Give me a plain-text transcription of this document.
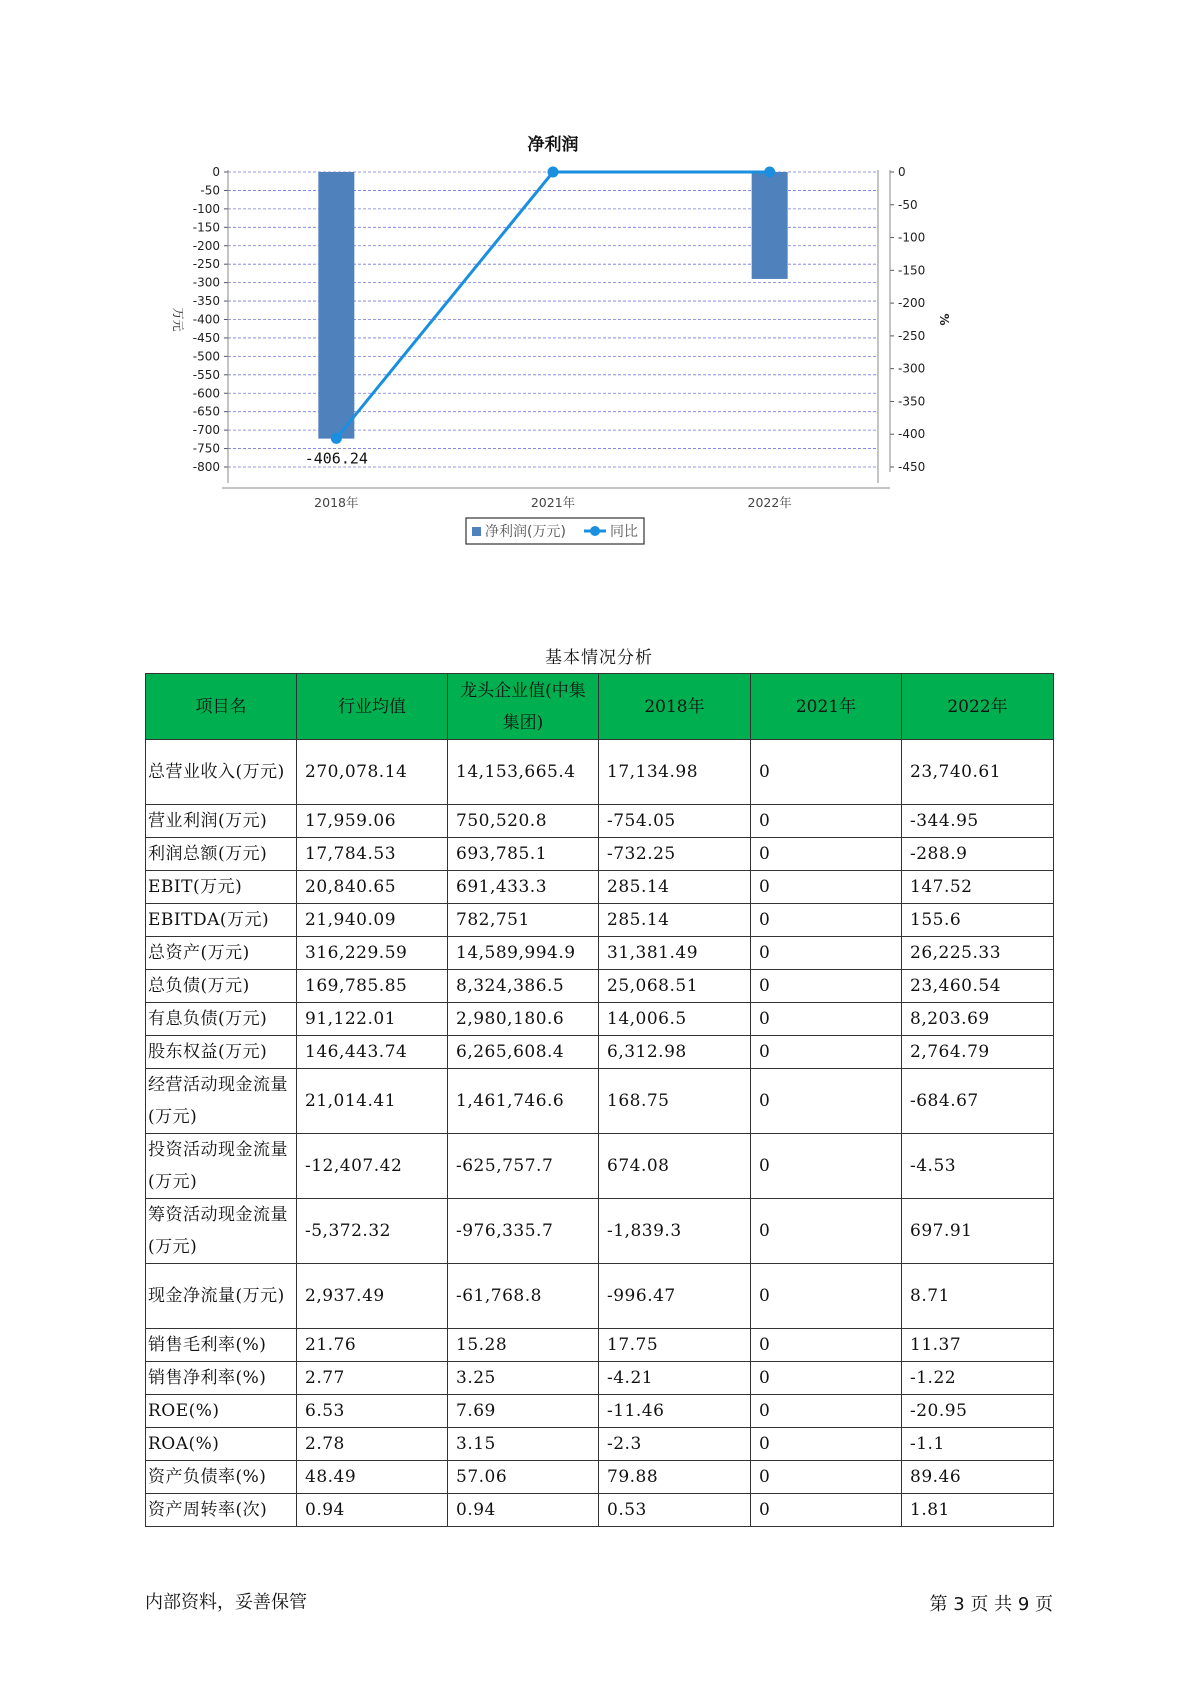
净利润
0
-50
-100
-150
-200
-250
-300
-350
-400
-450
-500
-550
-600
-650
-700
-750
-800
0
-50
-100
-150
-200
-250
-300
-350
-400
-450
万元	%
-406.24
2018年	2021年	2022年
净利润(万元)	同比
基本情况分析
项目名	行业均值	龙头企业值(中集集团)	2018年	2021年	2022年
总营业收入(万元)	270,078.14	14,153,665.4	17,134.98	0	23,740.61
营业利润(万元)	17,959.06	750,520.8	-754.05	0	-344.95
利润总额(万元)	17,784.53	693,785.1	-732.25	0	-288.9
EBIT(万元)	20,840.65	691,433.3	285.14	0	147.52
EBITDA(万元)	21,940.09	782,751	285.14	0	155.6
总资产(万元)	316,229.59	14,589,994.9	31,381.49	0	26,225.33
总负债(万元)	169,785.85	8,324,386.5	25,068.51	0	23,460.54
有息负债(万元)	91,122.01	2,980,180.6	14,006.5	0	8,203.69
股东权益(万元)	146,443.74	6,265,608.4	6,312.98	0	2,764.79
经营活动现金流量(万元)	21,014.41	1,461,746.6	168.75	0	-684.67
投资活动现金流量(万元)	-12,407.42	-625,757.7	674.08	0	-4.53
筹资活动现金流量(万元)	-5,372.32	-976,335.7	-1,839.3	0	697.91
现金净流量(万元)	2,937.49	-61,768.8	-996.47	0	8.71
销售毛利率(%)	21.76	15.28	17.75	0	11.37
销售净利率(%)	2.77	3.25	-4.21	0	-1.22
ROE(%)	6.53	7.69	-11.46	0	-20.95
ROA(%)	2.78	3.15	-2.3	0	-1.1
资产负债率(%)	48.49	57.06	79.88	0	89.46
资产周转率(次)	0.94	0.94	0.53	0	1.81
内部资料，妥善保管	第 3 页 共 9 页
